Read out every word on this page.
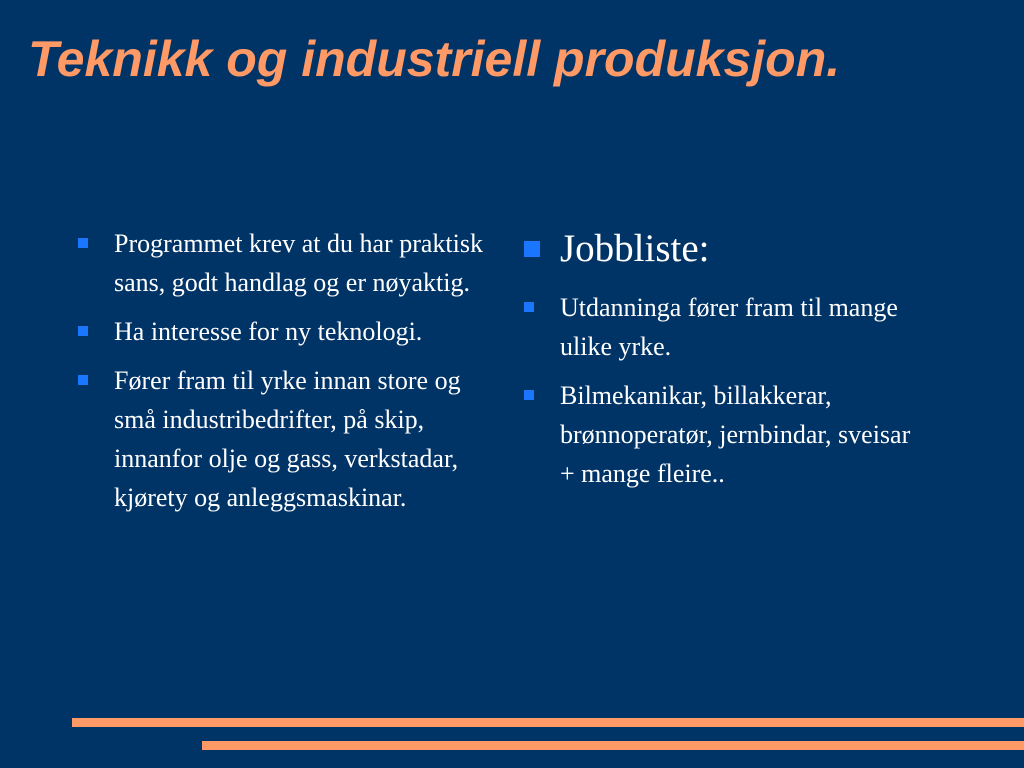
Teknikk og industriell produksjon.
Programmet krev at du har praktisk sans, godt handlag og er nøyaktig.
Ha interesse for ny teknologi.
Fører fram til yrke innan store og små industribedrifter, på skip, innanfor olje og gass, verkstadar, kjørety og anleggsmaskinar.
Jobbliste:
Utdanninga fører fram til mange ulike yrke.
Bilmekanikar, billakkerar, brønnoperatør, jernbindar, sveisar + mange fleire..
